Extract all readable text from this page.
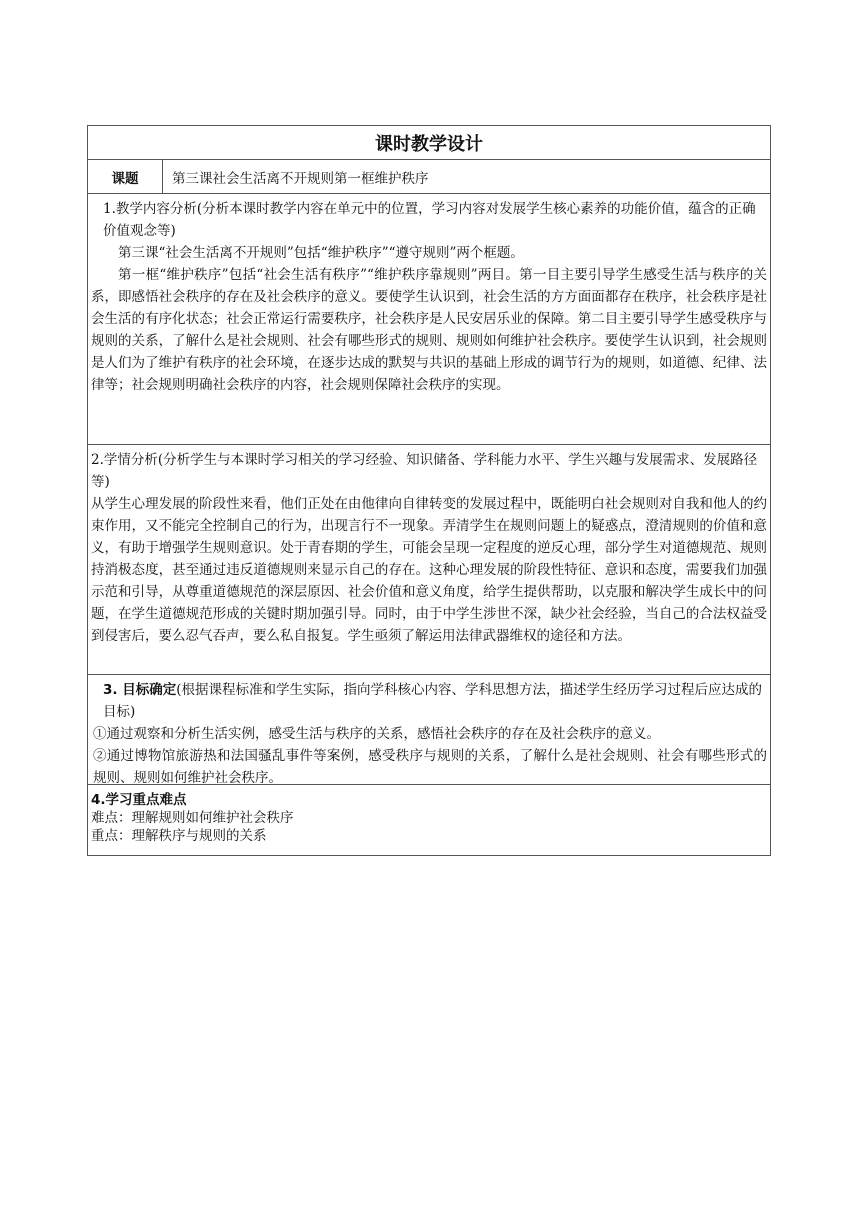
课时教学设计
课题	第三课社会生活离不开规则第一框维护秩序
1.教学内容分析(分析本课时教学内容在单元中的位置，学习内容对发展学生核心素养的功能价值，蕴含的正确价值观念等)
第三课“社会生活离不开规则”包括“维护秩序”“遵守规则”两个框题。
第一框“维护秩序”包括“社会生活有秩序”“维护秩序靠规则”两目。第一目主要引导学生感受生活与秩序的关系，即感悟社会秩序的存在及社会秩序的意义。要使学生认识到，社会生活的方方面面都存在秩序，社会秩序是社会生活的有序化状态；社会正常运行需要秩序，社会秩序是人民安居乐业的保障。第二目主要引导学生感受秩序与规则的关系，了解什么是社会规则、社会有哪些形式的规则、规则如何维护社会秩序。要使学生认识到，社会规则是人们为了维护有秩序的社会环境，在逐步达成的默契与共识的基础上形成的调节行为的规则，如道德、纪律、法律等；社会规则明确社会秩序的内容，社会规则保障社会秩序的实现。
2.学情分析(分析学生与本课时学习相关的学习经验、知识储备、学科能力水平、学生兴趣与发展需求、发展路径等)
从学生心理发展的阶段性来看，他们正处在由他律向自律转变的发展过程中，既能明白社会规则对自我和他人的约束作用，又不能完全控制自己的行为，出现言行不一现象。弄清学生在规则问题上的疑惑点，澄清规则的价值和意义，有助于增强学生规则意识。处于青春期的学生，可能会呈现一定程度的逆反心理，部分学生对道德规范、规则持消极态度，甚至通过违反道德规则来显示自己的存在。这种心理发展的阶段性特征、意识和态度，需要我们加强示范和引导，从尊重道德规范的深层原因、社会价值和意义角度，给学生提供帮助，以克服和解决学生成长中的问题，在学生道德规范形成的关键时期加强引导。同时，由于中学生涉世不深，缺少社会经验，当自己的合法权益受到侵害后，要么忍气吞声，要么私自报复。学生亟须了解运用法律武器维权的途径和方法。
3. 目标确定(根据课程标准和学生实际，指向学科核心内容、学科思想方法，描述学生经历学习过程后应达成的目标)
①通过观察和分析生活实例，感受生活与秩序的关系，感悟社会秩序的存在及社会秩序的意义。
②通过博物馆旅游热和法国骚乱事件等案例，感受秩序与规则的关系，了解什么是社会规则、社会有哪些形式的规则、规则如何维护社会秩序。
4.学习重点难点
难点：理解规则如何维护社会秩序
重点：理解秩序与规则的关系
